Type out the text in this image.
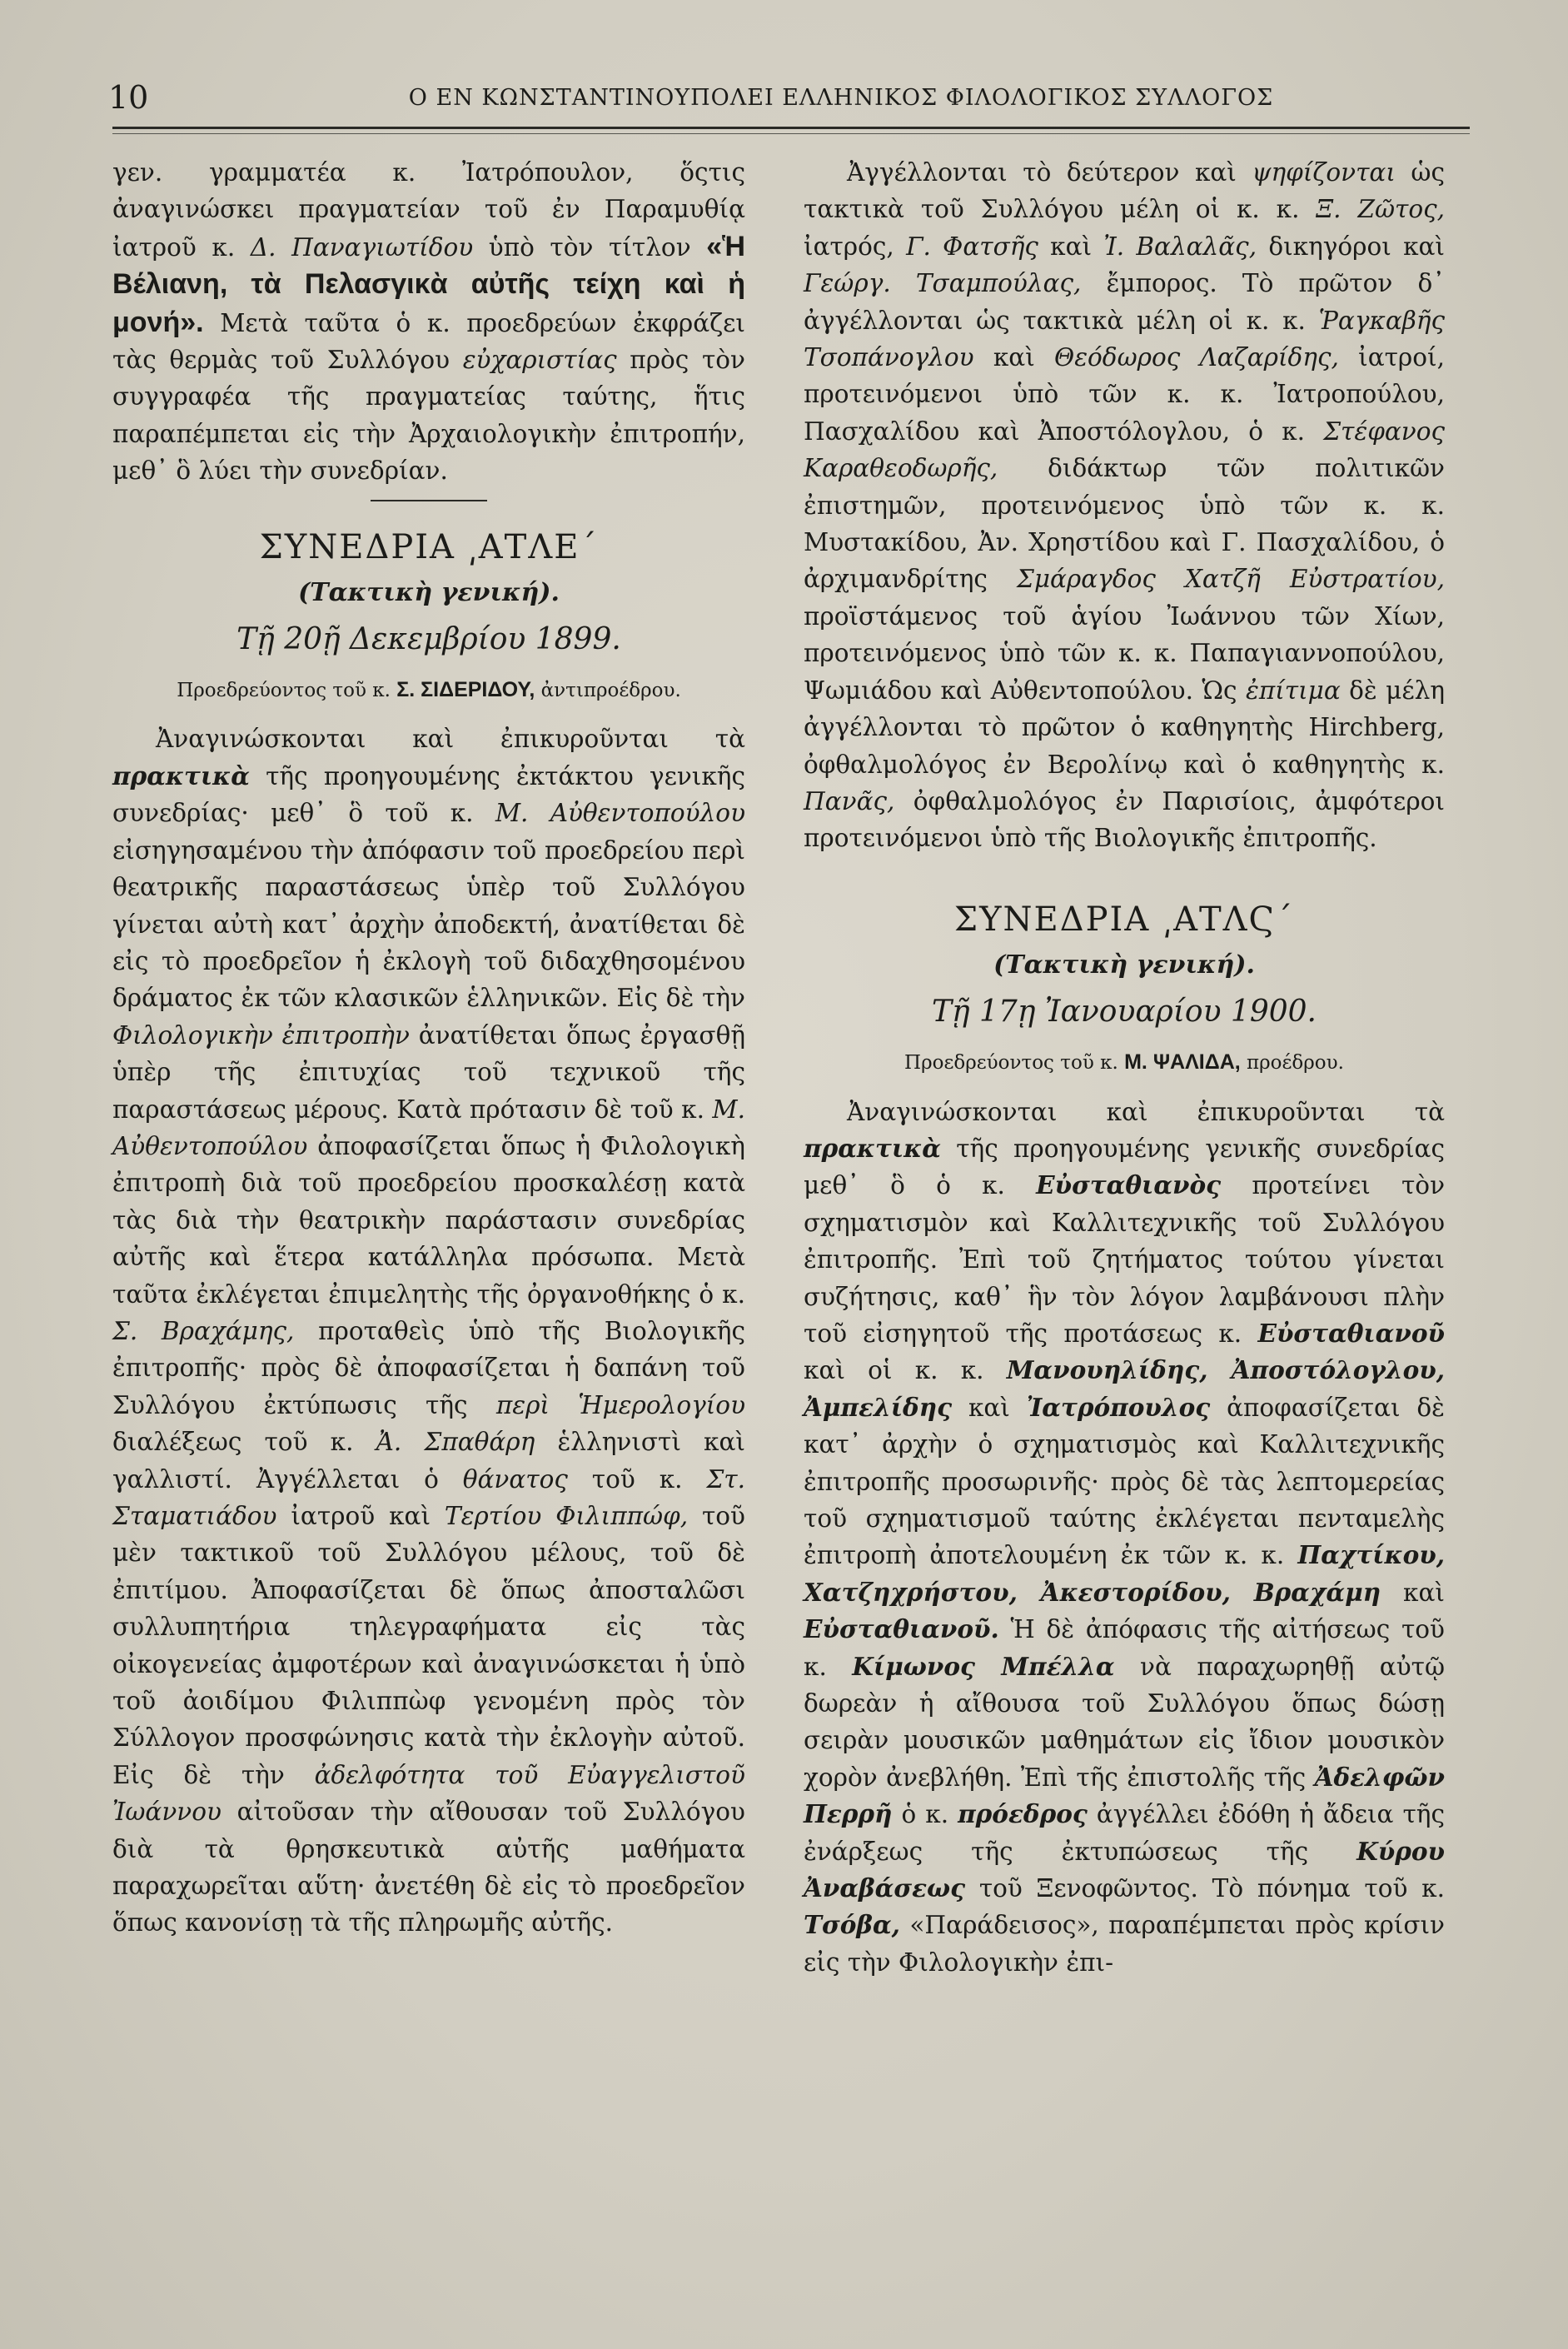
10	Ο ΕΝ ΚΩΝΣΤΑΝΤΙΝΟΥΠΟΛΕΙ ΕΛΛΗΝΙΚΟΣ ΦΙΛΟΛΟΓΙΚΟΣ ΣΥΛΛΟΓΟΣ

γεν. γραμματέα κ. Ἰατρόπουλον, ὅςτις ἀναγινώσκει πραγματείαν τοῦ ἐν Παραμυθίᾳ ἰατροῦ κ. Δ. Παναγιωτίδου ὑπὸ τὸν τίτλον «Ἡ Βέλιανη, τὰ Πελασγικὰ αὐτῆς τείχη καὶ ἡ μονή». Μετὰ ταῦτα ὁ κ. προεδρεύων ἐκφράζει τὰς θερμὰς τοῦ Συλλόγου εὐχαριστίας πρὸς τὸν συγγραφέα τῆς πραγματείας ταύτης, ἥτις παραπέμπεται εἰς τὴν Ἀρχαιολογικὴν ἐπιτροπήν, μεθ᾽ ὃ λύει τὴν συνεδρίαν.

ΣΥΝΕΔΡΙΑ ͵ΑΤΛΕ΄
(Τακτικὴ γενική).
Τῇ 20ῇ Δεκεμβρίου 1899.
Προεδρεύοντος τοῦ κ. Σ. ΣΙΔΕΡΙΔΟΥ, ἀντιπροέδρου.

Ἀναγινώσκονται καὶ ἐπικυροῦνται τὰ πρακτικὰ τῆς προηγουμένης ἐκτάκτου γενικῆς συνεδρίας· μεθ᾽ ὃ τοῦ κ. Μ. Αὐθεντοπούλου εἰσηγησαμένου τὴν ἀπόφασιν τοῦ προεδρείου περὶ θεατρικῆς παραστάσεως ὑπὲρ τοῦ Συλλόγου γίνεται αὐτὴ κατ᾽ ἀρχὴν ἀποδεκτή, ἀνατίθεται δὲ εἰς τὸ προεδρεῖον ἡ ἐκλογὴ τοῦ διδαχθησομένου δράματος ἐκ τῶν κλασικῶν ἑλληνικῶν. Εἰς δὲ τὴν Φιλολογικὴν ἐπιτροπὴν ἀνατίθεται ὅπως ἐργασθῇ ὑπὲρ τῆς ἐπιτυχίας τοῦ τεχνικοῦ τῆς παραστάσεως μέρους. Κατὰ πρότασιν δὲ τοῦ κ. Μ. Αὐθεντοπούλου ἀποφασίζεται ὅπως ἡ Φιλολογικὴ ἐπιτροπὴ διὰ τοῦ προεδρείου προσκαλέσῃ κατὰ τὰς διὰ τὴν θεατρικὴν παράστασιν συνεδρίας αὐτῆς καὶ ἕτερα κατάλληλα πρόσωπα. Μετὰ ταῦτα ἐκλέγεται ἐπιμελητὴς τῆς ὀργανοθήκης ὁ κ. Σ. Βραχάμης, προταθεὶς ὑπὸ τῆς Βιολογικῆς ἐπιτροπῆς· πρὸς δὲ ἀποφασίζεται ἡ δαπάνη τοῦ Συλλόγου ἐκτύπωσις τῆς περὶ Ἡμερολογίου διαλέξεως τοῦ κ. Ἀ. Σπαθάρη ἑλληνιστὶ καὶ γαλλιστί. Ἀγγέλλεται ὁ θάνατος τοῦ κ. Στ. Σταματιάδου ἰατροῦ καὶ Τερτίου Φιλιππώφ, τοῦ μὲν τακτικοῦ τοῦ Συλλόγου μέλους, τοῦ δὲ ἐπιτίμου. Ἀποφασίζεται δὲ ὅπως ἀποσταλῶσι συλλυπητήρια τηλεγραφήματα εἰς τὰς οἰκογενείας ἀμφοτέρων καὶ ἀναγινώσκεται ἡ ὑπὸ τοῦ ἀοιδίμου Φιλιππὼφ γενομένη πρὸς τὸν Σύλλογον προσφώνησις κατὰ τὴν ἐκλογὴν αὐτοῦ. Εἰς δὲ τὴν ἀδελφότητα τοῦ Εὐαγγελιστοῦ Ἰωάννου αἰτοῦσαν τὴν αἴθουσαν τοῦ Συλλόγου διὰ τὰ θρησκευτικὰ αὐτῆς μαθήματα παραχωρεῖται αὕτη· ἀνετέθη δὲ εἰς τὸ προεδρεῖον ὅπως κανονίσῃ τὰ τῆς πληρωμῆς αὐτῆς.

Ἀγγέλλονται τὸ δεύτερον καὶ ψηφίζονται ὡς τακτικὰ τοῦ Συλλόγου μέλη οἱ κ. κ. Ξ. Ζῶτος, ἰατρός, Γ. Φατσῆς καὶ Ἰ. Βαλαλᾶς, δικηγόροι καὶ Γεώργ. Τσαμπούλας, ἔμπορος. Τὸ πρῶτον δ᾽ ἀγγέλλονται ὡς τακτικὰ μέλη οἱ κ. κ. Ῥαγκαβῆς Τσοπάνογλου καὶ Θεόδωρος Λαζαρίδης, ἰατροί, προτεινόμενοι ὑπὸ τῶν κ. κ. Ἰατροπούλου, Πασχαλίδου καὶ Ἀποστόλογλου, ὁ κ. Στέφανος Καραθεοδωρῆς, διδάκτωρ τῶν πολιτικῶν ἐπιστημῶν, προτεινόμενος ὑπὸ τῶν κ. κ. Μυστακίδου, Ἀν. Χρηστίδου καὶ Γ. Πασχαλίδου, ὁ ἀρχιμανδρίτης Σμάραγδος Χατζῆ Εὐστρατίου, προϊστάμενος τοῦ ἁγίου Ἰωάννου τῶν Χίων, προτεινόμενος ὑπὸ τῶν κ. κ. Παπαγιαννοπούλου, Ψωμιάδου καὶ Αὐθεντοπούλου. Ὡς ἐπίτιμα δὲ μέλη ἀγγέλλονται τὸ πρῶτον ὁ καθηγητὴς Hirchberg, ὀφθαλμολόγος ἐν Βερολίνῳ καὶ ὁ καθηγητὴς κ. Πανᾶς, ὀφθαλμολόγος ἐν Παρισίοις, ἀμφότεροι προτεινόμενοι ὑπὸ τῆς Βιολογικῆς ἐπιτροπῆς.

ΣΥΝΕΔΡΙΑ ͵ΑΤΛϚ΄
(Τακτικὴ γενική).
Τῇ 17ῃ Ἰανουαρίου 1900.
Προεδρεύοντος τοῦ κ. Μ. ΨΑΛΙΔΑ, προέδρου.

Ἀναγινώσκονται καὶ ἐπικυροῦνται τὰ πρακτικὰ τῆς προηγουμένης γενικῆς συνεδρίας μεθ᾽ ὃ ὁ κ. Εὐσταθιανὸς προτείνει τὸν σχηματισμὸν καὶ Καλλιτεχνικῆς τοῦ Συλλόγου ἐπιτροπῆς. Ἐπὶ τοῦ ζητήματος τούτου γίνεται συζήτησις, καθ᾽ ἣν τὸν λόγον λαμβάνουσι πλὴν τοῦ εἰσηγητοῦ τῆς προτάσεως κ. Εὐσταθιανοῦ καὶ οἱ κ. κ. Μανουηλίδης, Ἀποστόλογλου, Ἀμπελίδης καὶ Ἰατρόπουλος ἀποφασίζεται δὲ κατ᾽ ἀρχὴν ὁ σχηματισμὸς καὶ Καλλιτεχνικῆς ἐπιτροπῆς προσωρινῆς· πρὸς δὲ τὰς λεπτομερείας τοῦ σχηματισμοῦ ταύτης ἐκλέγεται πενταμελὴς ἐπιτροπὴ ἀποτελουμένη ἐκ τῶν κ. κ. Παχτίκου, Χατζηχρήστου, Ἀκεστορίδου, Βραχάμη καὶ Εὐσταθιανοῦ. Ἡ δὲ ἀπόφασις τῆς αἰτήσεως τοῦ κ. Κίμωνος Μπέλλα νὰ παραχωρηθῇ αὐτῷ δωρεὰν ἡ αἴθουσα τοῦ Συλλόγου ὅπως δώσῃ σειρὰν μουσικῶν μαθημάτων εἰς ἴδιον μουσικὸν χορὸν ἀνεβλήθη. Ἐπὶ τῆς ἐπιστολῆς τῆς Ἀδελφῶν Περρῆ ὁ κ. πρόεδρος ἀγγέλλει ἐδόθη ἡ ἄδεια τῆς ἐνάρξεως τῆς ἐκτυπώσεως τῆς Κύρου Ἀναβάσεως τοῦ Ξενοφῶντος. Τὸ πόνημα τοῦ κ. Τσόβα, «Παράδεισος», παραπέμπεται πρὸς κρίσιν εἰς τὴν Φιλολογικὴν ἐπι-
